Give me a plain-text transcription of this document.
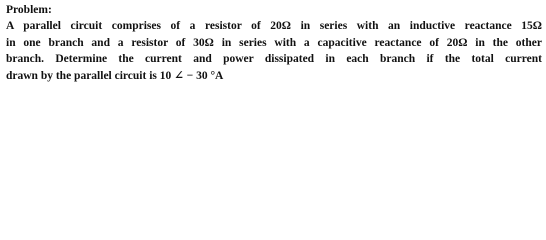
Problem:

A parallel circuit comprises of a resistor of 20Ω in series with an inductive reactance 15Ω

in one branch and a resistor of 30Ω in series with a capacitive reactance of 20Ω in the other

branch. Determine the current and power dissipated in each branch if the total current

drawn by the parallel circuit is 10 ∠ − 30 °A
